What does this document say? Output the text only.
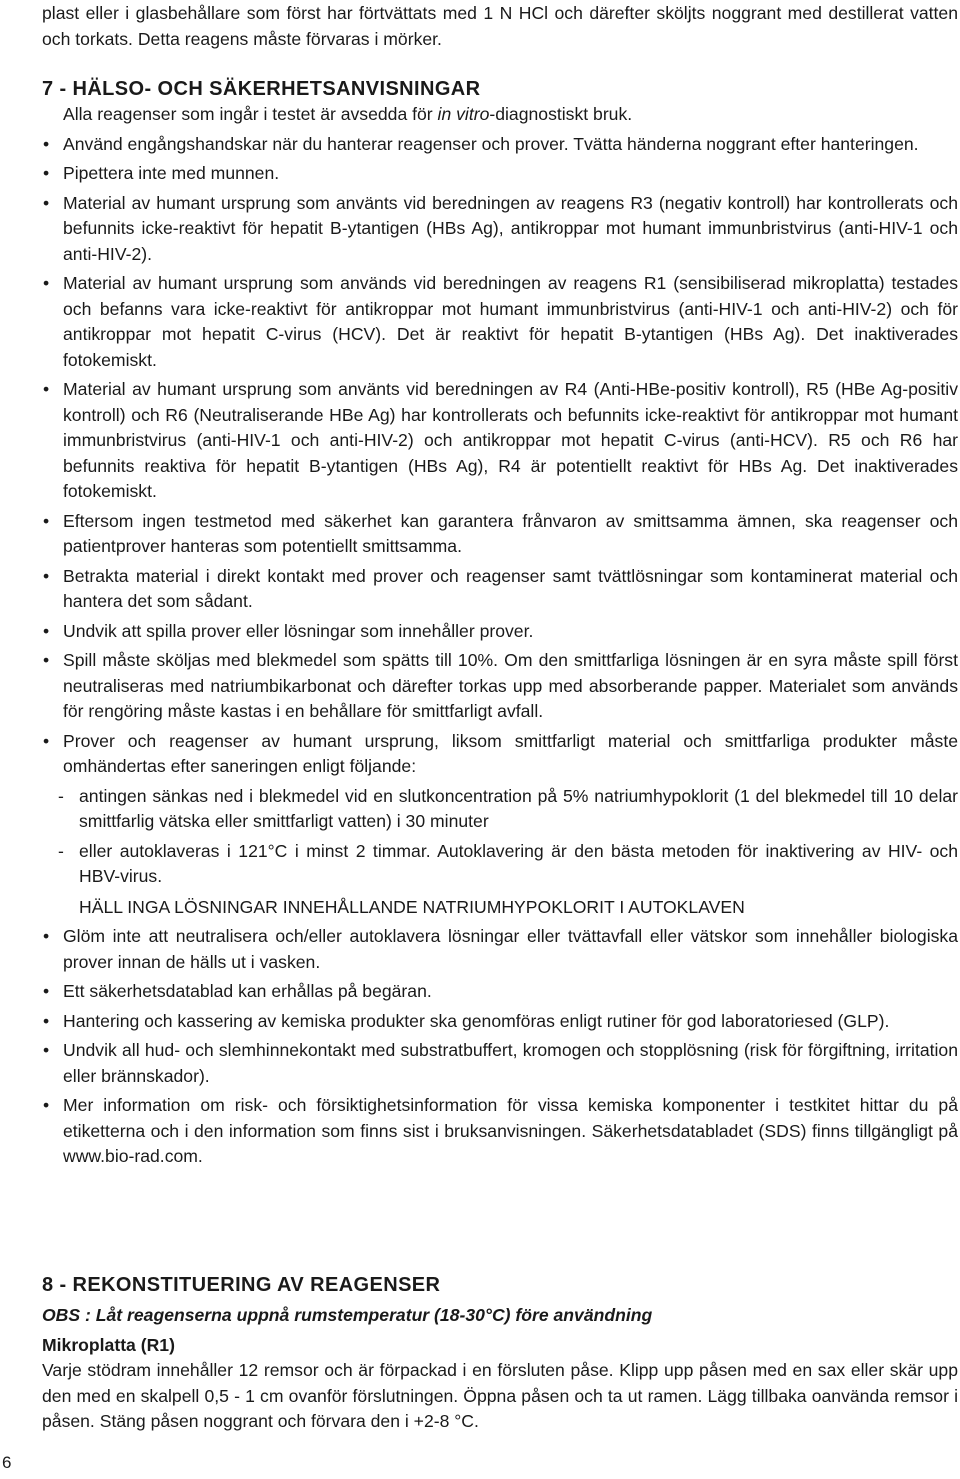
plast eller i glasbehållare som först har förtvättats med 1 N HCl och därefter sköljts noggrant med destillerat vatten och torkats. Detta reagens måste förvaras i mörker.

7 - HÄLSO- OCH SÄKERHETSANVISNINGAR

Alla reagenser som ingår i testet är avsedda för in vitro-diagnostiskt bruk.

• Använd engångshandskar när du hanterar reagenser och prover. Tvätta händerna noggrant efter hanteringen.
• Pipettera inte med munnen.
• Material av humant ursprung som använts vid beredningen av reagens R3 (negativ kontroll) har kontrollerats och befunnits icke-reaktivt för hepatit B-ytantigen (HBs Ag), antikroppar mot humant immunbristvirus (anti-HIV-1 och anti-HIV-2).
• Material av humant ursprung som används vid beredningen av reagens R1 (sensibiliserad mikroplatta) testades och befanns vara icke-reaktivt för antikroppar mot humant immunbristvirus (anti-HIV-1 och anti-HIV-2) och för antikroppar mot hepatit C-virus (HCV). Det är reaktivt för hepatit B-ytantigen (HBs Ag). Det inaktiverades fotokemiskt.
• Material av humant ursprung som använts vid beredningen av R4 (Anti-HBe-positiv kontroll), R5 (HBe Ag-positiv kontroll) och R6 (Neutraliserande HBe Ag) har kontrollerats och befunnits icke-reaktivt för antikroppar mot humant immunbristvirus (anti-HIV-1 och anti-HIV-2) och antikroppar mot hepatit C-virus (anti-HCV). R5 och R6 har befunnits reaktiva för hepatit B-ytantigen (HBs Ag), R4 är potentiellt reaktivt för HBs Ag. Det inaktiverades fotokemiskt.
• Eftersom ingen testmetod med säkerhet kan garantera frånvaron av smittsamma ämnen, ska reagenser och patientprover hanteras som potentiellt smittsamma.
• Betrakta material i direkt kontakt med prover och reagenser samt tvättlösningar som kontaminerat material och hantera det som sådant.
• Undvik att spilla prover eller lösningar som innehåller prover.
• Spill måste sköljas med blekmedel som spätts till 10%. Om den smittfarliga lösningen är en syra måste spill först neutraliseras med natriumbikarbonat och därefter torkas upp med absorberande papper. Materialet som används för rengöring måste kastas i en behållare för smittfarligt avfall.
• Prover och reagenser av humant ursprung, liksom smittfarligt material och smittfarliga produkter måste omhändertas efter saneringen enligt följande:
- antingen sänkas ned i blekmedel vid en slutkoncentration på 5% natriumhypoklorit (1 del blekmedel till 10 delar smittfarlig vätska eller smittfarligt vatten) i 30 minuter
- eller autoklaveras i 121°C i minst 2 timmar. Autoklavering är den bästa metoden för inaktivering av HIV- och HBV-virus.

HÄLL INGA LÖSNINGAR INNEHÅLLANDE NATRIUMHYPOKLORIT I AUTOKLAVEN

• Glöm inte att neutralisera och/eller autoklavera lösningar eller tvättavfall eller vätskor som innehåller biologiska prover innan de hälls ut i vasken.
• Ett säkerhetsdatablad kan erhållas på begäran.
• Hantering och kassering av kemiska produkter ska genomföras enligt rutiner för god laboratoriesed (GLP).
• Undvik all hud- och slemhinnekontakt med substratbuffert, kromogen och stopplösning (risk för förgiftning, irritation eller brännskador).
• Mer information om risk- och försiktighetsinformation för vissa kemiska komponenter i testkitet hittar du på etiketterna och i den information som finns sist i bruksanvisningen. Säkerhetsdatabladet (SDS) finns tillgängligt på www.bio-rad.com.
8 - REKONSTITUERING AV REAGENSER

OBS : Låt reagenserna uppnå rumstemperatur (18-30°C) före användning

Mikroplatta (R1)

Varje stödram innehåller 12 remsor och är förpackad i en försluten påse. Klipp upp påsen med en sax eller skär upp den med en skalpell 0,5 - 1 cm ovanför förslutningen. Öppna påsen och ta ut ramen. Lägg tillbaka oanvända remsor i påsen. Stäng påsen noggrant och förvara den i +2-8 °C.

6
